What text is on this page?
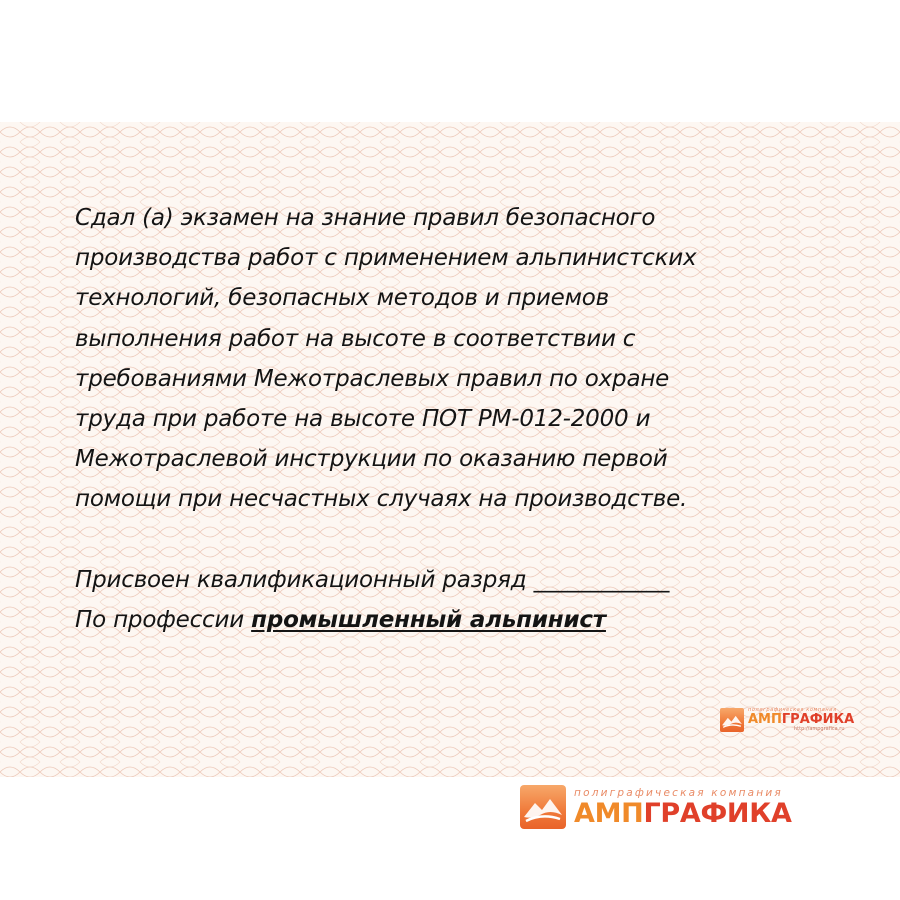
полиграфическая компания
АМПГРАФИКА
http://ampgrafica.ru
Сдал (а) экзамен на знание правил безопасного
производства работ с применением альпинистских
технологий, безопасных методов и приемов
выполнения работ на высоте в соответствии с
требованиями Межотраслевых правил по охране
труда при работе на высоте ПОТ РМ-012-2000 и
Межотраслевой инструкции по оказанию первой
помощи при несчастных случаях на производстве.
Присвоен квалификационный разряд ____________
По профессии промышленный альпинист
полиграфическая компания
АМПГРАФИКА
